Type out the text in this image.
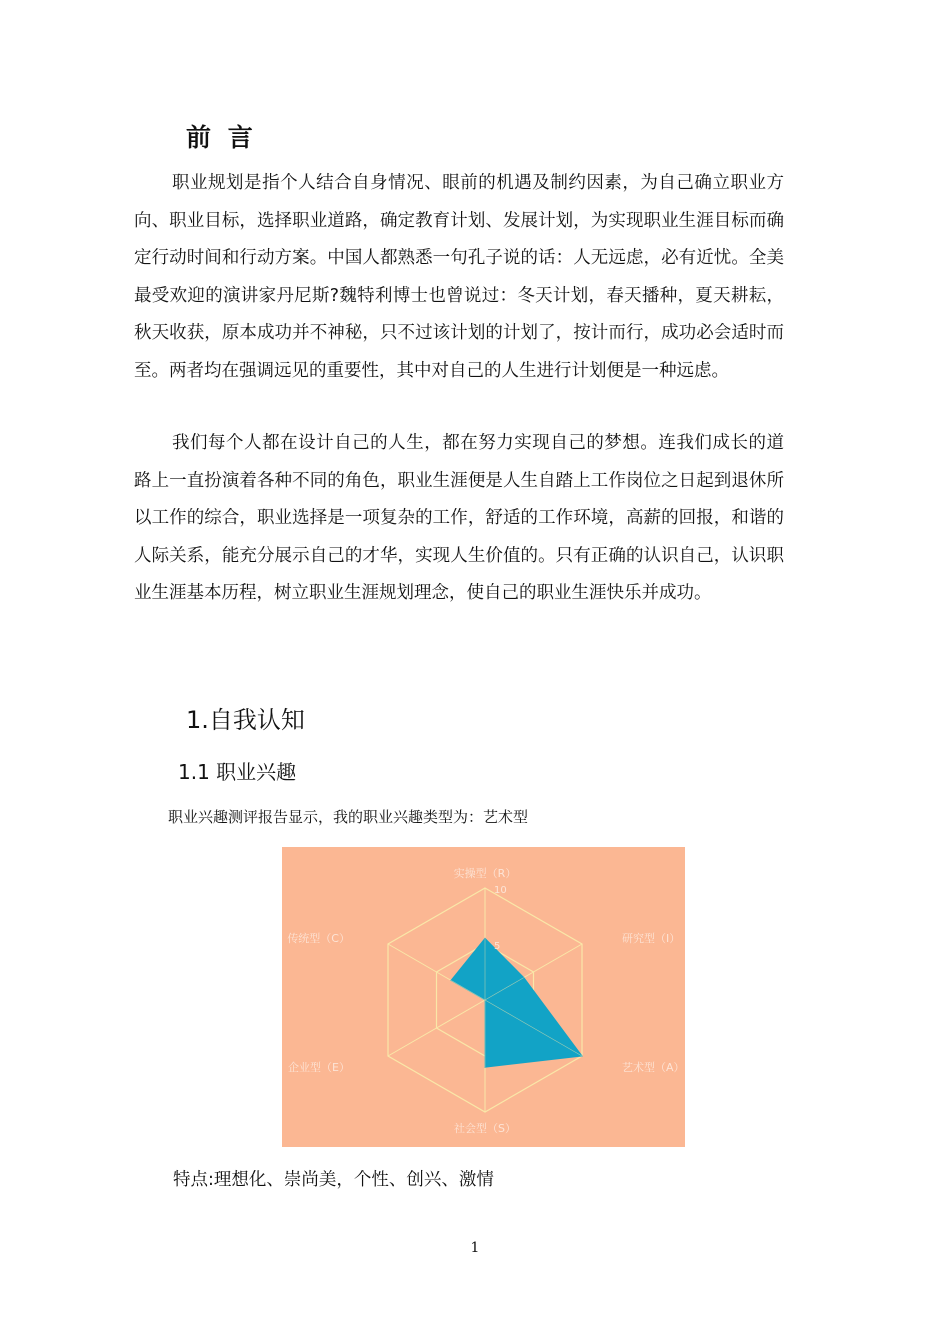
前 言

职业规划是指个人结合自身情况、眼前的机遇及制约因素，为自己确立职业方向、职业目标，选择职业道路，确定教育计划、发展计划，为实现职业生涯目标而确定行动时间和行动方案。中国人都熟悉一句孔子说的话：人无远虑，必有近忧。全美最受欢迎的演讲家丹尼斯?魏特利博士也曾说过：冬天计划，春天播种，夏天耕耘，秋天收获，原本成功并不神秘，只不过该计划的计划了，按计而行，成功必会适时而至。两者均在强调远见的重要性，其中对自己的人生进行计划便是一种远虑。

我们每个人都在设计自己的人生，都在努力实现自己的梦想。连我们成长的道路上一直扮演着各种不同的角色，职业生涯便是人生自踏上工作岗位之日起到退休所以工作的综合，职业选择是一项复杂的工作，舒适的工作环境，高薪的回报，和谐的人际关系，能充分展示自己的才华，实现人生价值的。只有正确的认识自己，认识职业生涯基本历程，树立职业生涯规划理念，使自己的职业生涯快乐并成功。

1.自我认知
1.1 职业兴趣

职业兴趣测评报告显示，我的职业兴趣类型为：艺术型

5
10
实操型（R）
研究型（I）
艺术型（A）
社会型（S）
企业型（E）
传统型（C）

特点:理想化、崇尚美，个性、创兴、激情

1
